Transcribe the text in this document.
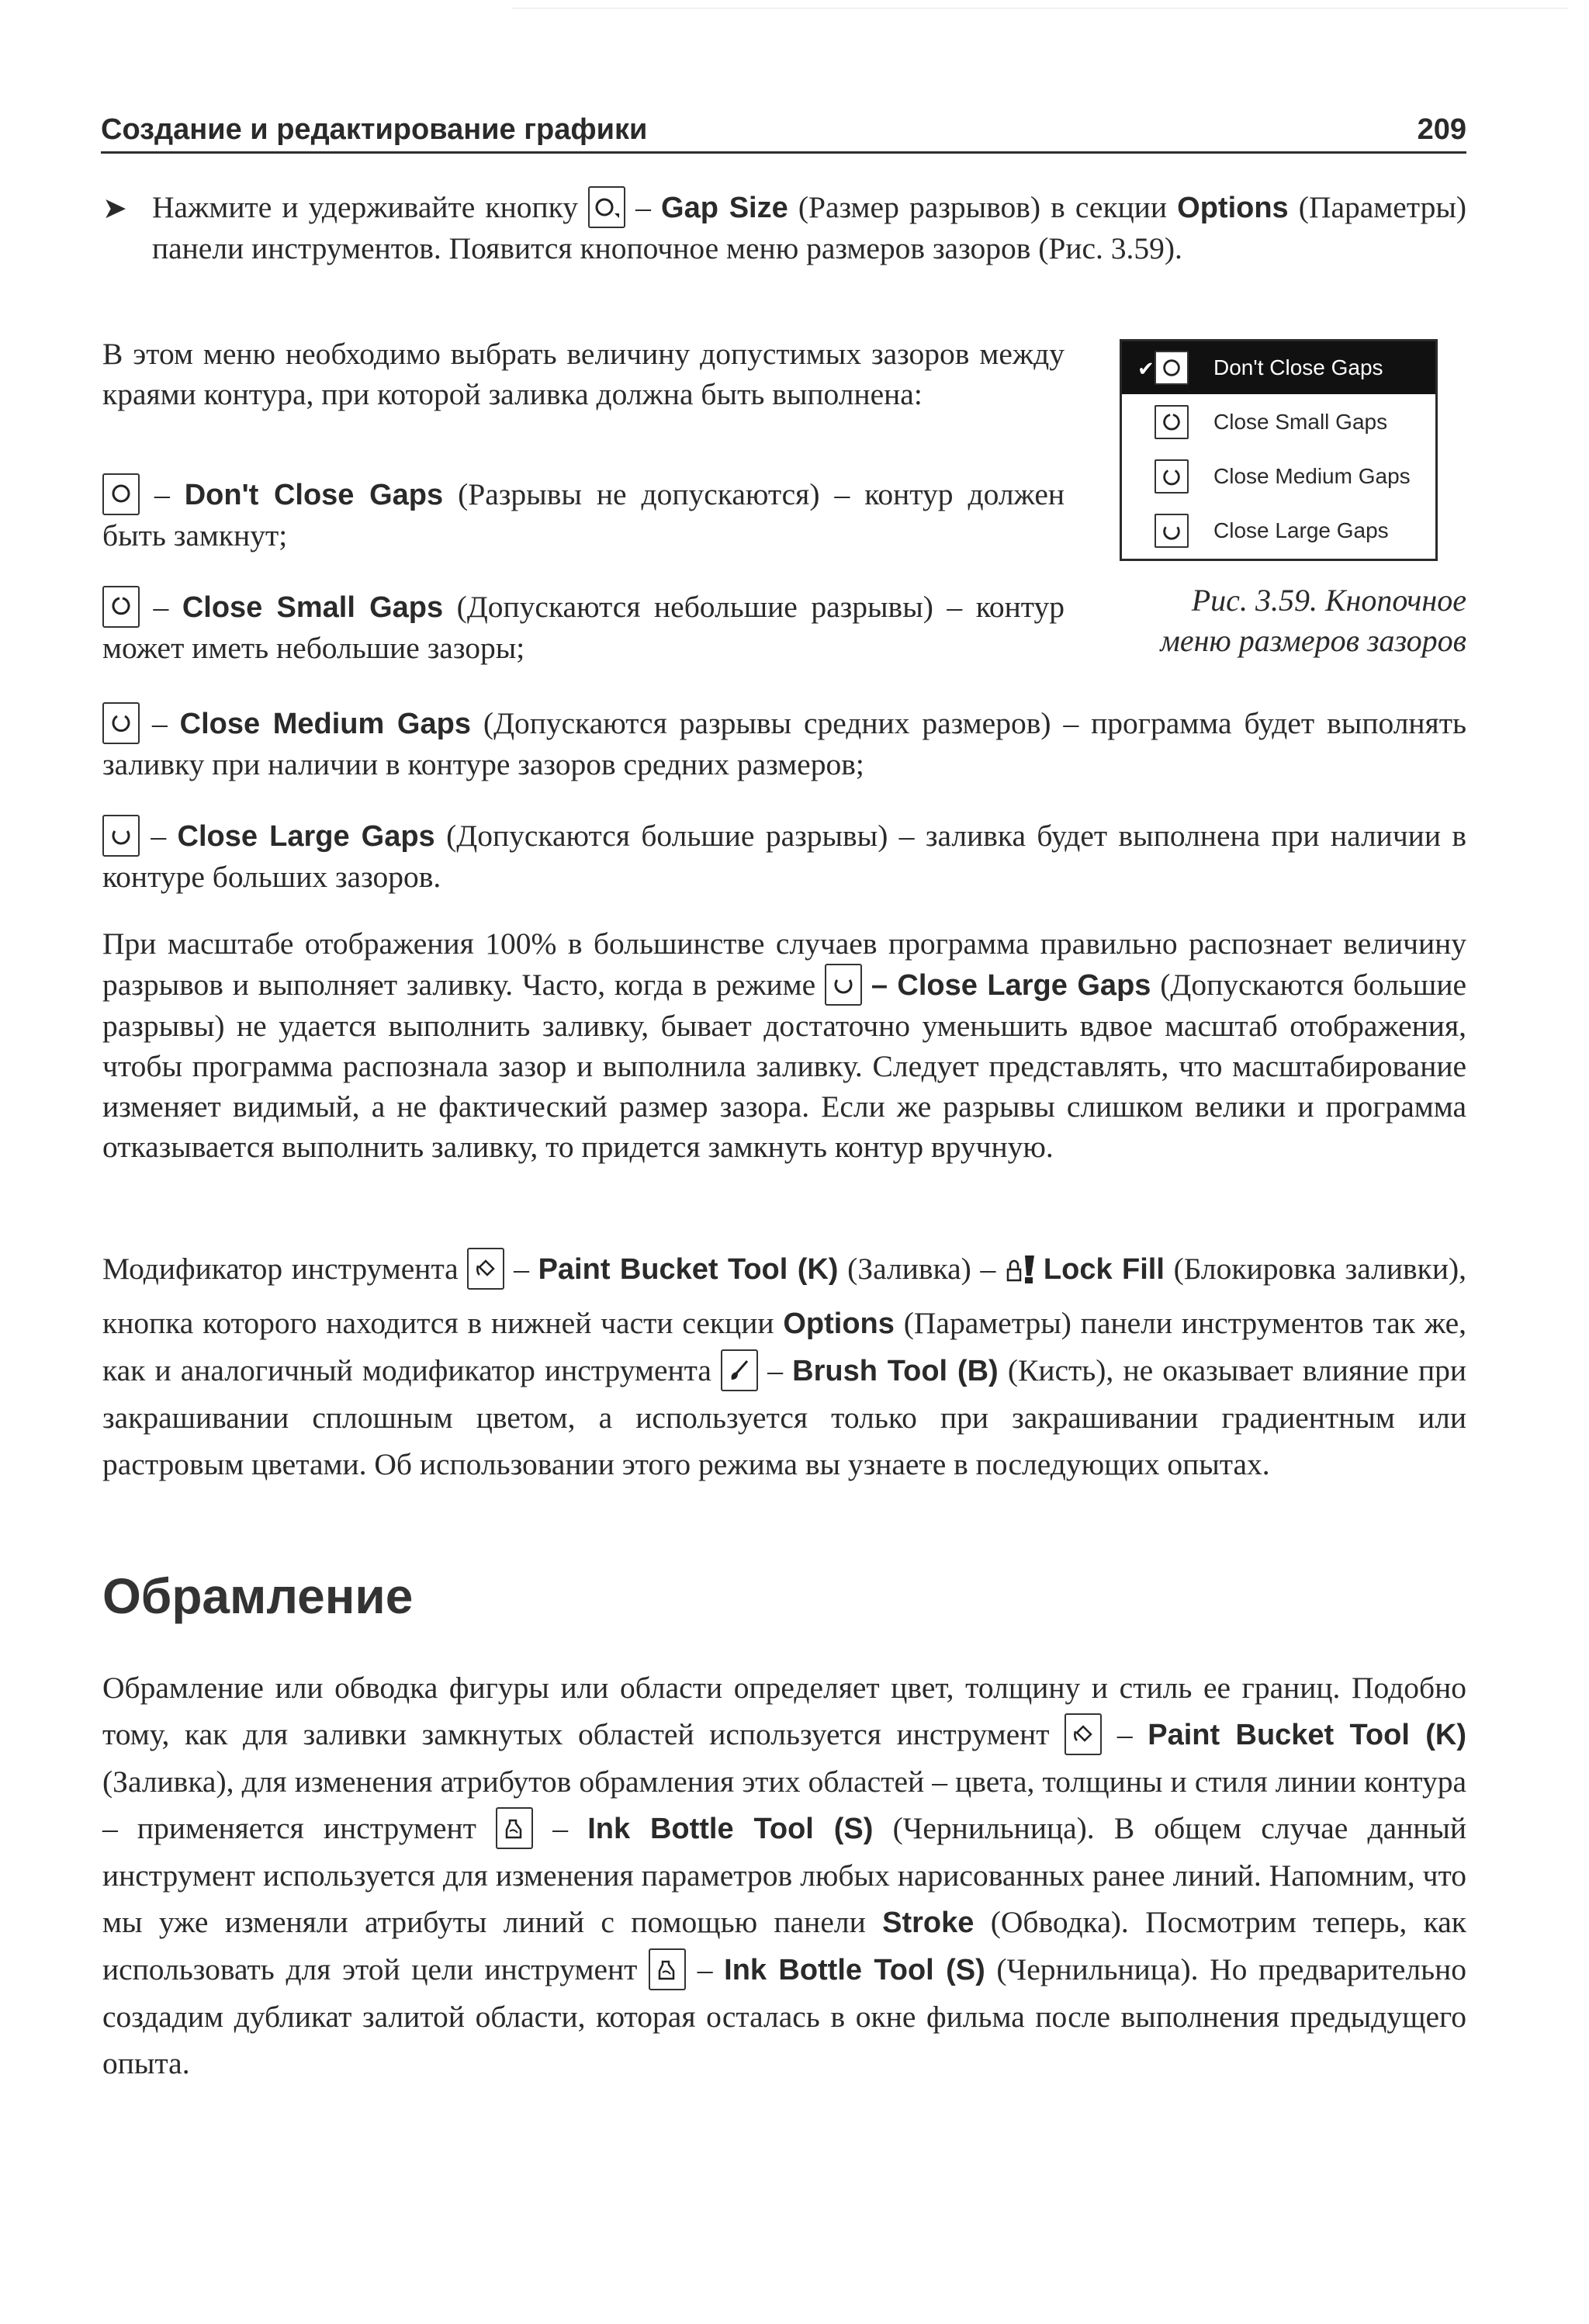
Создание и редактирование графики	209
➤ Нажмите и удерживайте кнопку
– Gap Size (Размер разрывов) в секции Options (Параметры) панели инструментов. Появится кнопочное меню размеров зазоров (Рис. 3.59).

В этом меню необходимо выбрать величину допустимых зазоров между краями контура, при которой заливка должна быть выполнена:

– Don't Close Gaps (Разрывы не допускаются) – контур должен быть замкнут;

– Close Small Gaps (Допускаются небольшие разрывы) – контур может иметь небольшие зазоры;

– Close Medium Gaps (Допускаются разрывы средних размеров) – программа будет выполнять заливку при наличии в контуре зазоров средних размеров;

– Close Large Gaps (Допускаются большие разрывы) – заливка будет выполнена при наличии в контуре больших зазоров.

✔	Don't Close Gaps
Close Small Gaps
Close Medium Gaps
Close Large Gaps
Рис. 3.59. Кнопочное
меню размеров зазоров

При масштабе отображения 100% в большинстве случаев программа правильно распознает величину разрывов и выполняет заливку. Часто, когда в режиме
– Close Large Gaps (Допускаются большие разрывы) не удается выполнить заливку, бывает достаточно уменьшить вдвое масштаб отображения, чтобы программа распознала зазор и выполнила заливку. Следует представлять, что масштабирование изменяет видимый, а не фактический размер зазора. Если же разрывы слишком велики и программа отказывается выполнить заливку, то придется замкнуть контур вручную.

Модификатор инструмента
– Paint Bucket Tool (K) (Заливка) – Lock Fill (Блокировка заливки), кнопка которого находится в нижней части секции Options (Параметры) панели инструментов так же, как и аналогичный модификатор инструмента
– Brush Tool (B) (Кисть), не оказывает влияние при закрашивании сплошным цветом, а используется только при закрашивании градиентным или растровым цветами. Об использовании этого режима вы узнаете в последующих опытах.

Обрамление

Обрамление или обводка фигуры или области определяет цвет, толщину и стиль ее границ. Подобно тому, как для заливки замкнутых областей используется инструмент
– Paint Bucket Tool (K) (Заливка), для изменения атрибутов обрамления этих областей – цвета, толщины и стиля линии контура – применяется инструмент
– Ink Bottle Tool (S) (Чернильница). В общем случае данный инструмент используется для изменения параметров любых нарисованных ранее линий. Напомним, что мы уже изменяли атрибуты линий с помощью панели Stroke (Обводка). Посмотрим теперь, как использовать для этой цели инструмент
– Ink Bottle Tool (S) (Чернильница). Но предварительно создадим дубликат залитой области, которая осталась в окне фильма после выполнения предыдущего опыта.
